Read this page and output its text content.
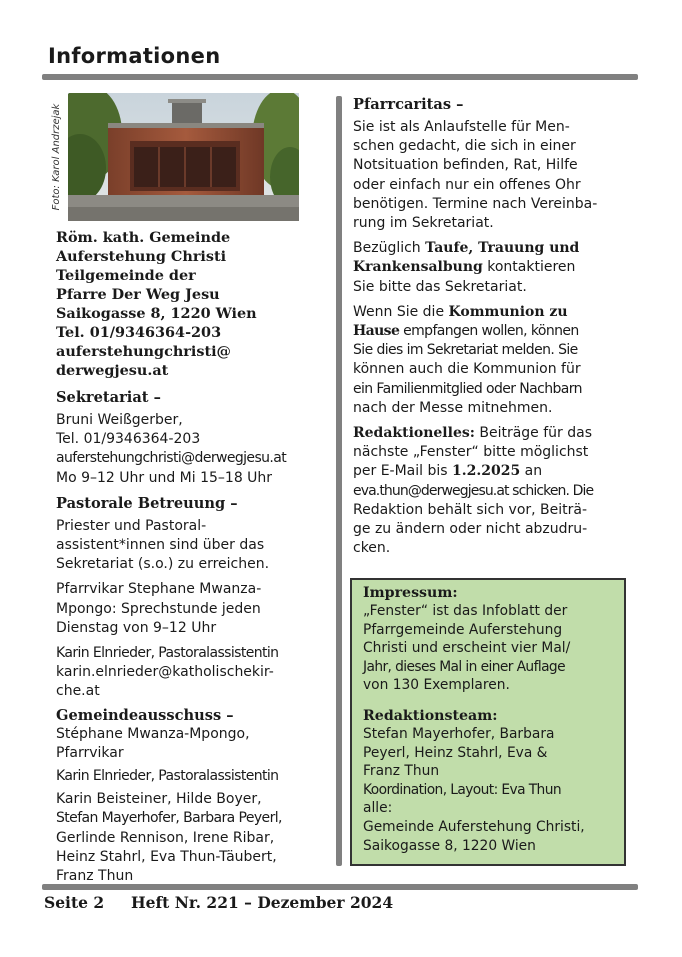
Informationen
Foto: Karol Andrzejak

Röm. kath. Gemeinde

Auferstehung Christi

Teilgemeinde der

Pfarre Der Weg Jesu

Saikogasse 8, 1220 Wien

Tel. 01/9346364-203

auferstehungchristi@

derwegjesu.at

Sekretariat –
Bruni Weißgerber,
Tel. 01/9346364-203
auferstehungchristi@derwegjesu.at
Mo 9–12 Uhr und Mi 15–18 Uhr
Pastorale Betreuung –
Priester und Pastoral-
assistent*innen sind über das
Sekretariat (s.o.) zu erreichen.
Pfarrvikar Stephane Mwanza-
Mpongo: Sprechstunde jeden
Dienstag von 9–12 Uhr
Karin Elnrieder, Pastoralassistentin
karin.elnrieder@katholischekir-
che.at
Gemeindeausschuss –
Stéphane Mwanza-Mpongo,
Pfarrvikar
Karin Elnrieder, Pastoralassistentin
Karin Beisteiner, Hilde Boyer,
Stefan Mayerhofer, Barbara Peyerl,
Gerlinde Rennison, Irene Ribar,
Heinz Stahrl, Eva Thun-Täubert,
Franz Thun
Pfarrcaritas –
Sie ist als Anlaufstelle für Men-
schen gedacht, die sich in einer
Notsituation befinden, Rat, Hilfe
oder einfach nur ein offenes Ohr
benötigen. Termine nach Vereinba-
rung im Sekretariat.
Bezüglich Taufe, Trauung und
Krankensalbung kontaktieren
Sie bitte das Sekretariat.
Wenn Sie die Kommunion zu
Hause empfangen wollen, können
Sie dies im Sekretariat melden. Sie
können auch die Kommunion für
ein Familienmitglied oder Nachbarn
nach der Messe mitnehmen.
Redaktionelles: Beiträge für das
nächste „Fenster“ bitte möglichst
per E-Mail bis 1.2.2025 an
eva.thun@derwegjesu.at schicken. Die
Redaktion behält sich vor, Beiträ-
ge zu ändern oder nicht abzudru-
cken.
Impressum:
„Fenster“ ist das Infoblatt der
Pfarrgemeinde Auferstehung
Christi und erscheint vier Mal/
Jahr, dieses Mal in einer Auflage
von 130 Exemplaren.
Redaktionsteam:
Stefan Mayerhofer, Barbara
Peyerl, Heinz Stahrl, Eva &
Franz Thun
Koordination, Layout: Eva Thun
alle:
Gemeinde Auferstehung Christi,
Saikogasse 8, 1220 Wien
Seite 2 Heft Nr. 221 – Dezember 2024
